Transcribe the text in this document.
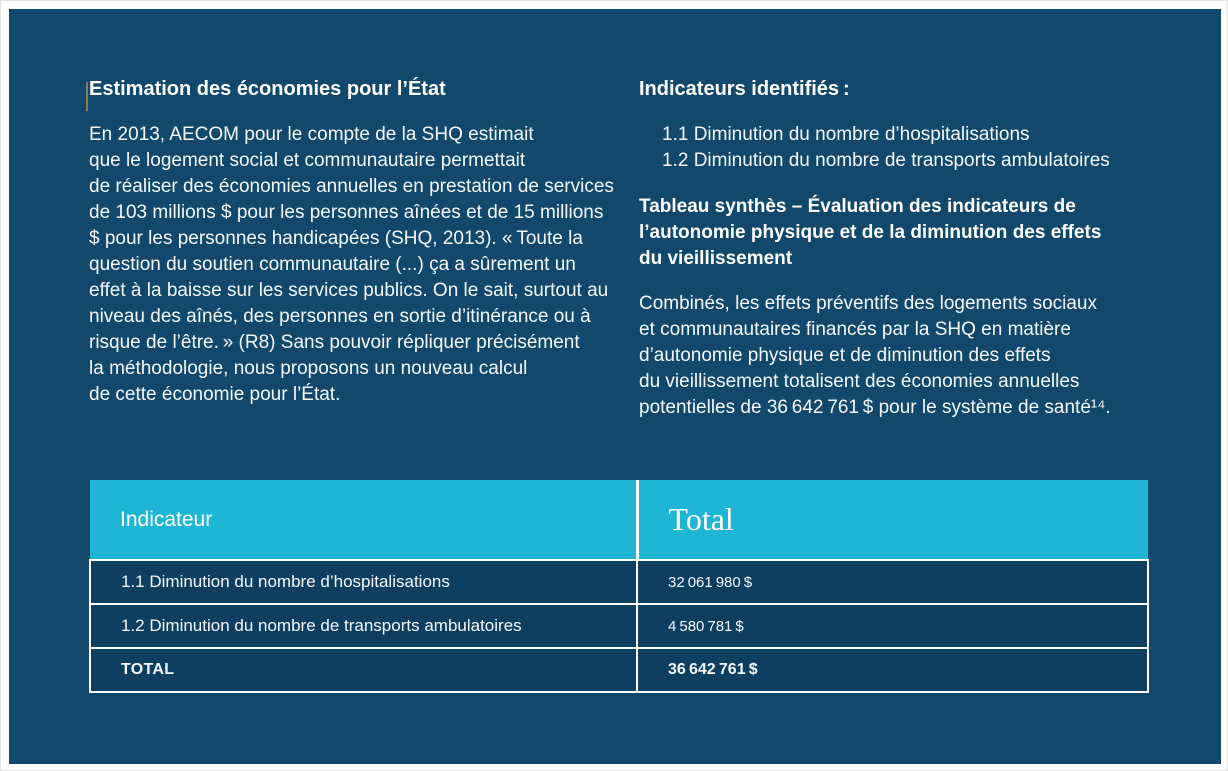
Estimation des économies pour l’État
En 2013, AECOM pour le compte de la SHQ estimait
que le logement social et communautaire permettait
de réaliser des économies annuelles en prestation de services
de 103 millions $ pour les personnes aînées et de 15 millions
$ pour les personnes handicapées (SHQ, 2013). « Toute la
question du soutien communautaire (...) ça a sûrement un
effet à la baisse sur les services publics. On le sait, surtout au
niveau des aînés, des personnes en sortie d’itinérance ou à
risque de l’être. » (R8) Sans pouvoir répliquer précisément
la méthodologie, nous proposons un nouveau calcul
de cette économie pour l’État.
Indicateurs identifiés :
1.1 Diminution du nombre d’hospitalisations
1.2 Diminution du nombre de transports ambulatoires
Tableau synthès – Évaluation des indicateurs de
l’autonomie physique et de la diminution des effets
du vieillissement
Combinés, les effets préventifs des logements sociaux
et communautaires financés par la SHQ en matière
d’autonomie physique et de diminution des effets
du vieillissement totalisent des économies annuelles
potentielles de 36 642 761 $ pour le système de santé¹⁴.
Indicateur	Total
1.1 Diminution du nombre d’hospitalisations	32 061 980 $
1.2 Diminution du nombre de transports ambulatoires	4 580 781 $
TOTAL	36 642 761 $
